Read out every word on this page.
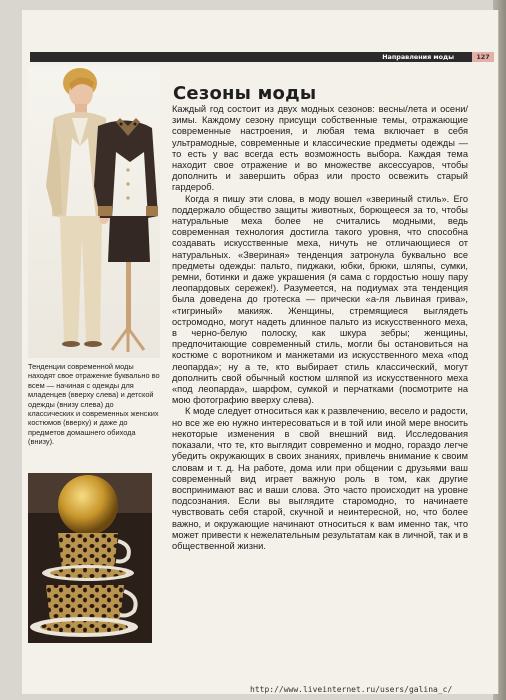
Направления моды	127
Тенденции современной моды находят свое отражение буквально во всем — начиная с одежды для младенцев (вверху слева) и детской одежды (внизу слева) до классических и современных женских костюмов (вверху) и даже до предметов домашнего обихода (внизу).
Сезоны моды

Каждый год состоит из двух модных сезонов: весны/лета и осени/зимы. Каждому сезону присущи собственные темы, отражающие современные настроения, и любая тема включает в себя ультрамодные, современные и классические предметы одежды — то есть у вас всегда есть возможность выбора. Каждая тема находит свое отражение и во множестве аксессуаров, чтобы дополнить и завершить образ или просто освежить старый гардероб.

Когда я пишу эти слова, в моду вошел «звериный стиль». Его поддержало общество защиты животных, борющееся за то, чтобы натуральные меха более не считались модными, ведь современная технология достигла такого уровня, что способна создавать искусственные меха, ничуть не отличающиеся от натуральных. «Звериная» тенденция затронула буквально все предметы одежды: пальто, пиджаки, юбки, брюки, шляпы, сумки, ремни, ботинки и даже украшения (я сама с гордостью ношу пару леопардовых сережек!). Разумеется, на подиумах эта тенденция была доведена до гротеска — прически «а-ля львиная грива», «тигриный» макияж. Женщины, стремящиеся выглядеть остромодно, могут надеть длинное пальто из искусственного меха, в черно-белую полоску, как шкура зебры; женщины, предпочитающие современный стиль, могли бы остановиться на костюме с воротником и манжетами из искусственного меха «под леопарда»; ну а те, кто выбирает стиль классический, могут дополнить свой обычный костюм шляпой из искусственного меха «под леопарда», шарфом, сумкой и перчатками (посмотрите на мою фотографию вверху слева).

К моде следует относиться как к развлечению, весело и радости, но все же ею нужно интересоваться и в той или иной мере вносить некоторые изменения в свой внешний вид. Исследования показали, что те, кто выглядит современно и модно, гораздо легче убедить окружающих в своих знаниях, привлечь внимание к своим словам и т. д. На работе, дома или при общении с друзьями ваш современный вид играет важную роль в том, как другие воспринимают вас и ваши слова. Это часто происходит на уровне подсознания. Если вы выглядите старомодно, то начинаете чувствовать себя старой, скучной и неинтересной, но, что более важно, и окружающие начинают относиться к вам именно так, что может привести к нежелательным результатам как в личной, так и в общественной жизни.

http://www.liveinternet.ru/users/galina_c/
